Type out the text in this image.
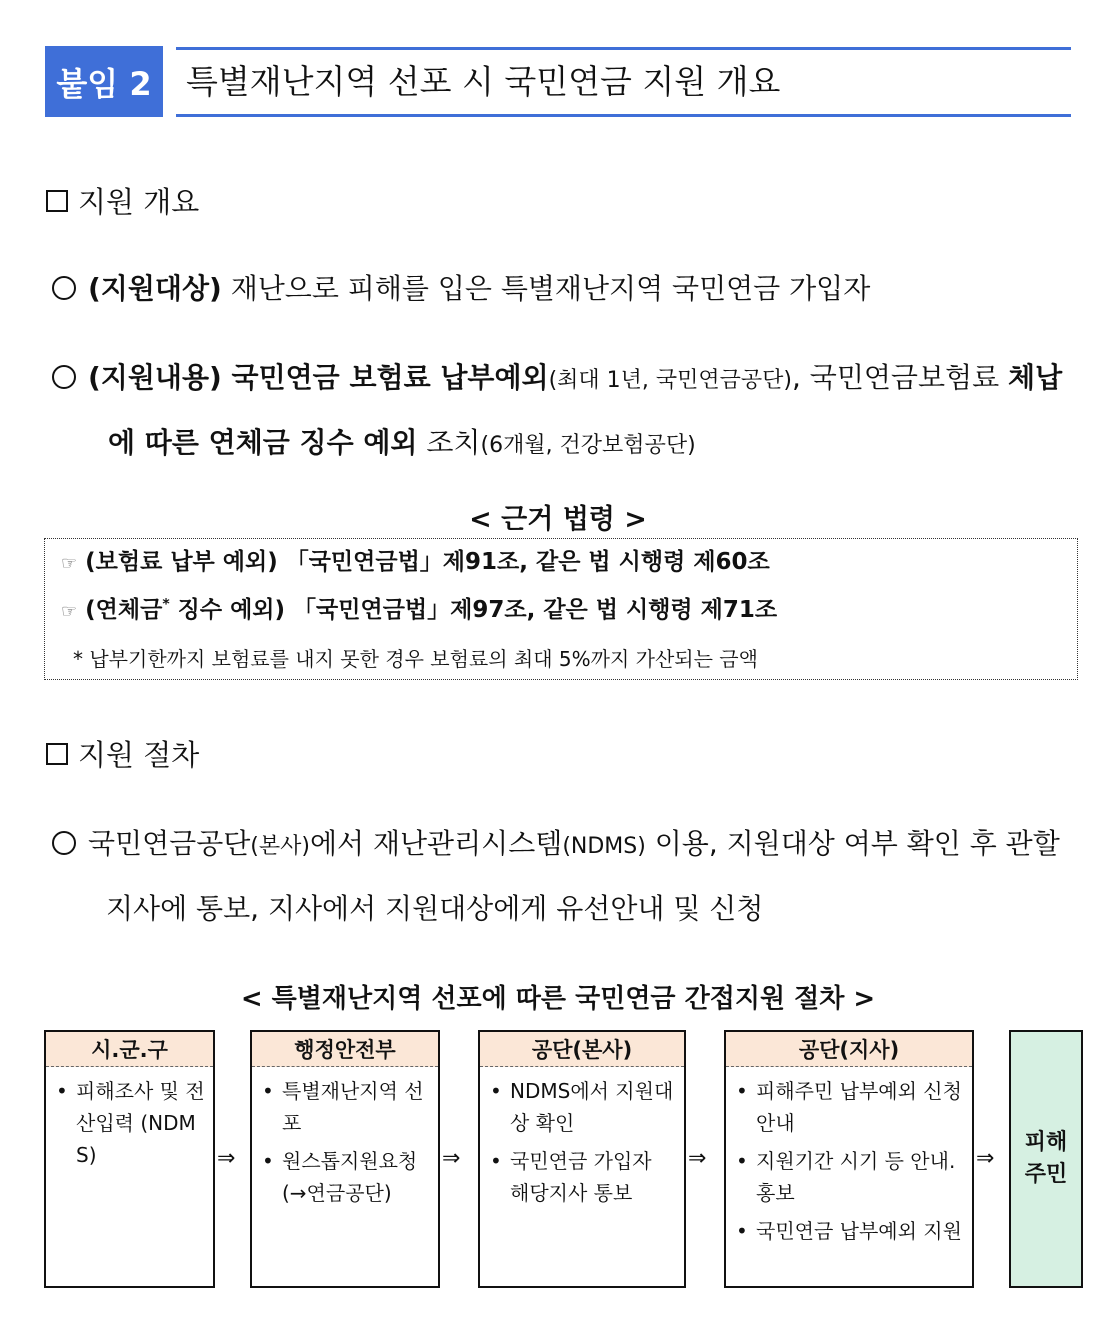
붙임 2	특별재난지역 선포 시 국민연금 지원 개요
지원 개요
(지원대상) 재난으로 피해를 입은 특별재난지역 국민연금 가입자
(지원내용) 국민연금 보험료 납부예외(최대 1년, 국민연금공단), 국민연금보험료 체납
에 따른 연체금 징수 예외 조치(6개월, 건강보험공단)
< 근거 법령 >
☞ (보험료 납부 예외) 「국민연금법」제91조, 같은 법 시행령 제60조
☞ (연체금* 징수 예외) 「국민연금법」제97조, 같은 법 시행령 제71조
* 납부기한까지 보험료를 내지 못한 경우 보험료의 최대 5%까지 가산되는 금액
지원 절차
국민연금공단(본사)에서 재난관리시스템(NDMS) 이용, 지원대상 여부 확인 후 관할
지사에 통보, 지사에서 지원대상에게 유선안내 및 신청
< 특별재난지역 선포에 따른 국민연금 간접지원 절차 >
시.군.구
• 피해조사 및 전산입력 (NDMS)	⇒
행정안전부
• 특별재난지역 선포
• 원스톱지원요청 (→연금공단)
⇒
공단(본사)
• NDMS에서 지원대상 확인
• 국민연금 가입자 해당지사 통보
⇒
공단(지사)
• 피해주민 납부예외 신청 안내
• 지원기간 시기 등 안내. 홍보
• 국민연금 납부예외 지원
⇒
피해
주민
